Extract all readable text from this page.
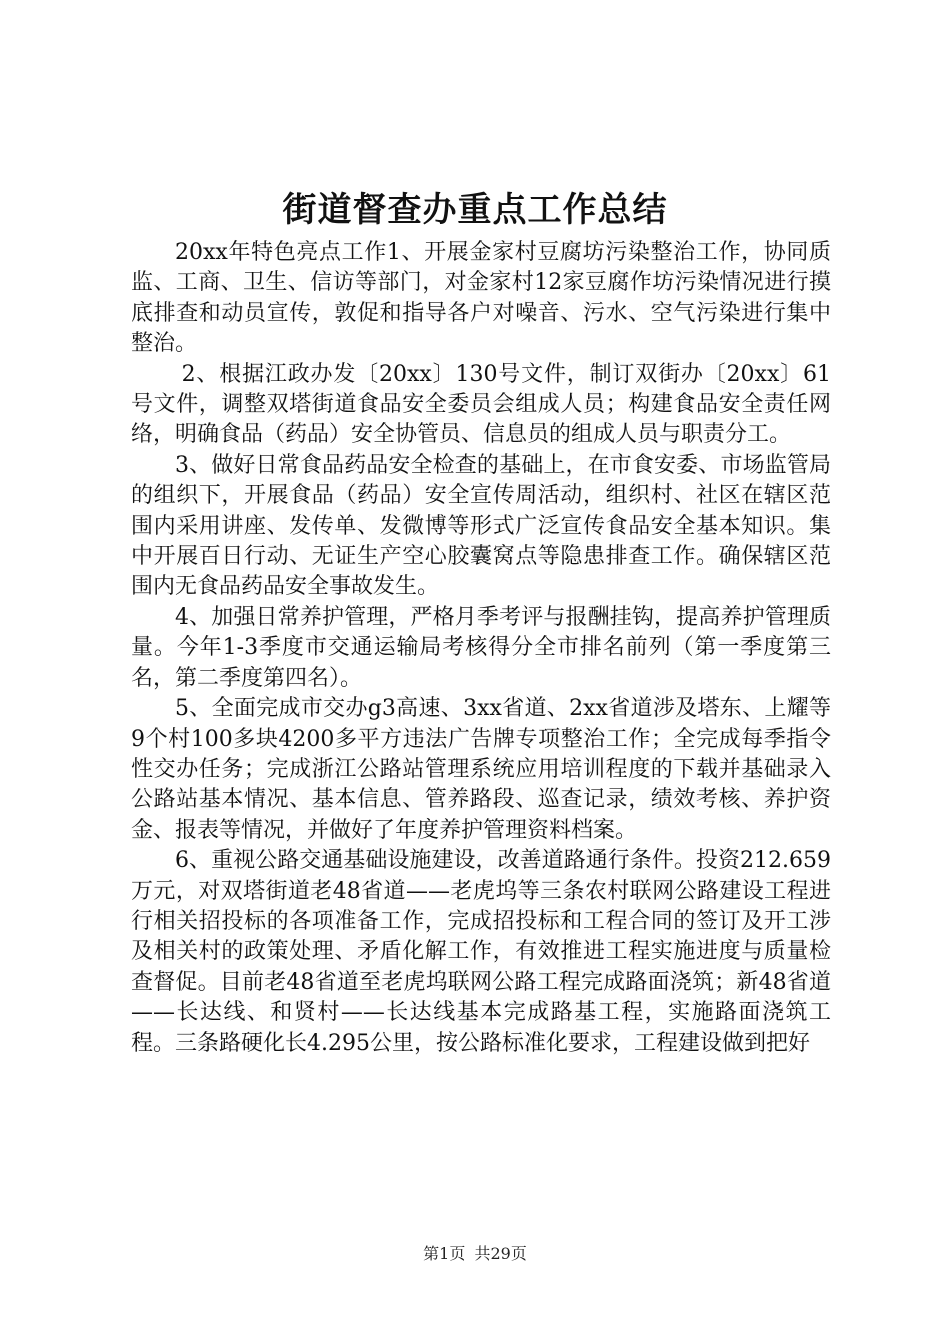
街道督查办重点工作总结

20xx年特色亮点工作1、开展金家村豆腐坊污染整治工作，协同质监、工商、卫生、信访等部门，对金家村12家豆腐作坊污染情况进行摸底排查和动员宣传，敦促和指导各户对噪音、污水、空气污染进行集中整治。

2、根据江政办发〔20xx〕130号文件，制订双街办〔20xx〕61号文件，调整双塔街道食品安全委员会组成人员；构建食品安全责任网络，明确食品（药品）安全协管员、信息员的组成人员与职责分工。

3、做好日常食品药品安全检查的基础上，在市食安委、市场监管局的组织下，开展食品（药品）安全宣传周活动，组织村、社区在辖区范围内采用讲座、发传单、发微博等形式广泛宣传食品安全基本知识。集中开展百日行动、无证生产空心胶囊窝点等隐患排查工作。确保辖区范围内无食品药品安全事故发生。

4、加强日常养护管理，严格月季考评与报酬挂钩，提高养护管理质量。今年1-3季度市交通运输局考核得分全市排名前列（第一季度第三名，第二季度第四名）。

5、全面完成市交办g3高速、3xx省道、2xx省道涉及塔东、上耀等9个村100多块4200多平方违法广告牌专项整治工作；全完成每季指令性交办任务；完成浙江公路站管理系统应用培训程度的下载并基础录入公路站基本情况、基本信息、管养路段、巡查记录，绩效考核、养护资金、报表等情况，并做好了年度养护管理资料档案。

6、重视公路交通基础设施建设，改善道路通行条件。投资212.659万元，对双塔街道老48省道——老虎坞等三条农村联网公路建设工程进行相关招投标的各项准备工作，完成招投标和工程合同的签订及开工涉及相关村的政策处理、矛盾化解工作，有效推进工程实施进度与质量检查督促。目前老48省道至老虎坞联网公路工程完成路面浇筑；新48省道——长达线、和贤村——长达线基本完成路基工程，实施路面浇筑工程。三条路硬化长4.295公里，按公路标准化要求，工程建设做到把好

第1页 共29页
